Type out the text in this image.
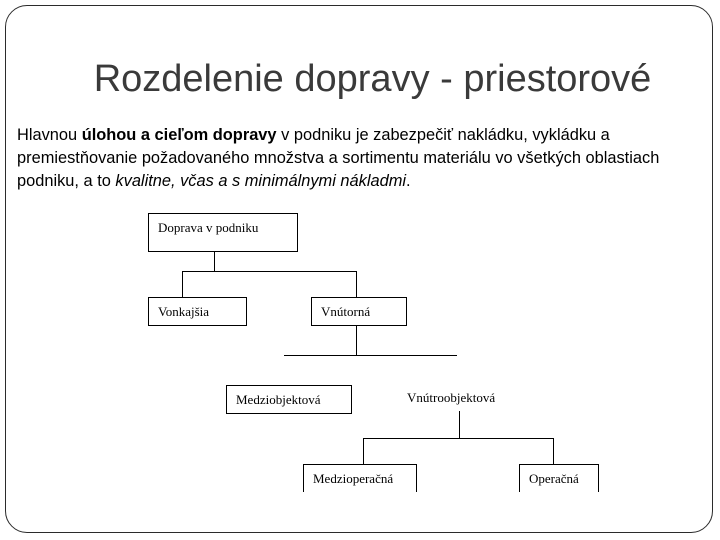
Rozdelenie dopravy - priestorové
Hlavnou úlohou a cieľom dopravy v podniku je zabezpečiť nakládku, vykládku a premiestňovanie požadovaného množstva a sortimentu materiálu vo všetkých oblastiach podniku, a to kvalitne, včas a s minimálnymi nákladmi.
Doprava v podniku
Vonkajšia	Vnútorná
Medziobjektová	Vnútroobjektová
Medzioperačná	Operačná
